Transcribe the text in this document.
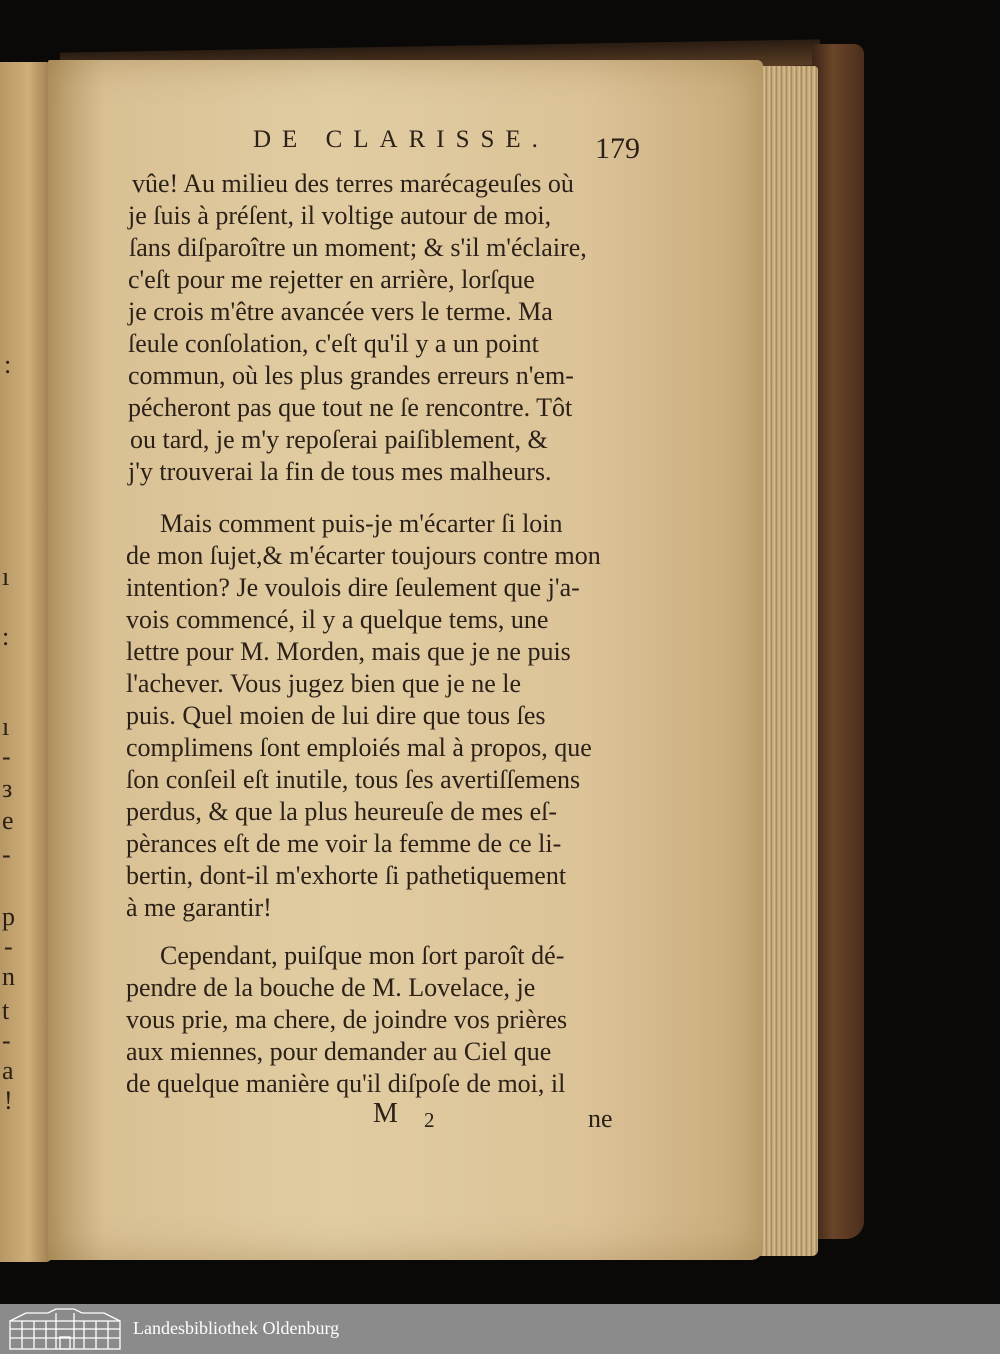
:
ı
:
ı
-
з
e
-
p
-
n
t
-
a
!
DE CLARISSE. 179
vûe! Au milieu des terres marécageuſes où
je ſuis à préſent, il voltige autour de moi,
ſans diſparoître un moment; & s'il m'éclaire,
c'eſt pour me rejetter en arrière, lorſque
je crois m'être avancée vers le terme. Ma
ſeule conſolation, c'eſt qu'il y a un point
commun, où les plus grandes erreurs n'em-
pécheront pas que tout ne ſe rencontre. Tôt
ou tard, je m'y repoſerai paiſiblement, &
j'y trouverai la fin de tous mes malheurs.
Mais comment puis-je m'écarter ſi loin
de mon ſujet,& m'écarter toujours contre mon
intention? Je voulois dire ſeulement que j'a-
vois commencé, il y a quelque tems, une
lettre pour M. Morden, mais que je ne puis
l'achever. Vous jugez bien que je ne le
puis. Quel moien de lui dire que tous ſes
complimens ſont emploiés mal à propos, que
ſon conſeil eſt inutile, tous ſes avertiſſemens
perdus, & que la plus heureuſe de mes eſ-
pèrances eſt de me voir la femme de ce li-
bertin, dont-il m'exhorte ſi pathetiquement
à me garantir!
Cependant, puiſque mon ſort paroît dé-
pendre de la bouche de M. Lovelace, je
vous prie, ma chere, de joindre vos prières
aux miennes, pour demander au Ciel que
de quelque manière qu'il diſpoſe de moi, il
M 2	ne
Landesbibliothek Oldenburg
